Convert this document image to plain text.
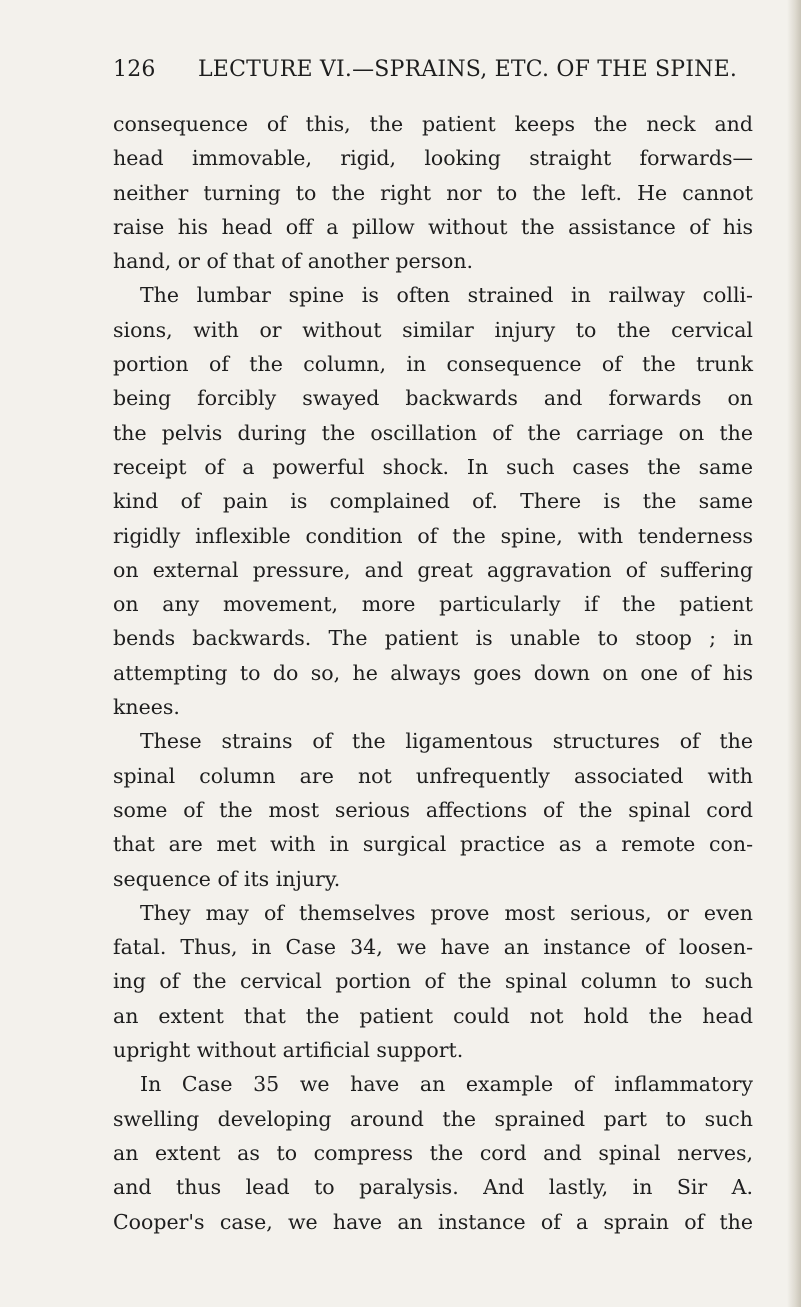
126 LECTURE VI.—SPRAINS, ETC. OF THE SPINE.
consequence of this, the patient keeps the neck and
head immovable, rigid, looking straight forwards—
neither turning to the right nor to the left. He cannot
raise his head off a pillow without the assistance of his
hand, or of that of another person.
The lumbar spine is often strained in railway colli-
sions, with or without similar injury to the cervical
portion of the column, in consequence of the trunk
being forcibly swayed backwards and forwards on
the pelvis during the oscillation of the carriage on the
receipt of a powerful shock. In such cases the same
kind of pain is complained of. There is the same
rigidly inflexible condition of the spine, with tenderness
on external pressure, and great aggravation of suffering
on any movement, more particularly if the patient
bends backwards. The patient is unable to stoop ; in
attempting to do so, he always goes down on one of his
knees.
These strains of the ligamentous structures of the
spinal column are not unfrequently associated with
some of the most serious affections of the spinal cord
that are met with in surgical practice as a remote con-
sequence of its injury.
They may of themselves prove most serious, or even
fatal. Thus, in Case 34, we have an instance of loosen-
ing of the cervical portion of the spinal column to such
an extent that the patient could not hold the head
upright without artificial support.
In Case 35 we have an example of inflammatory
swelling developing around the sprained part to such
an extent as to compress the cord and spinal nerves,
and thus lead to paralysis. And lastly, in Sir A.
Cooper's case, we have an instance of a sprain of the
